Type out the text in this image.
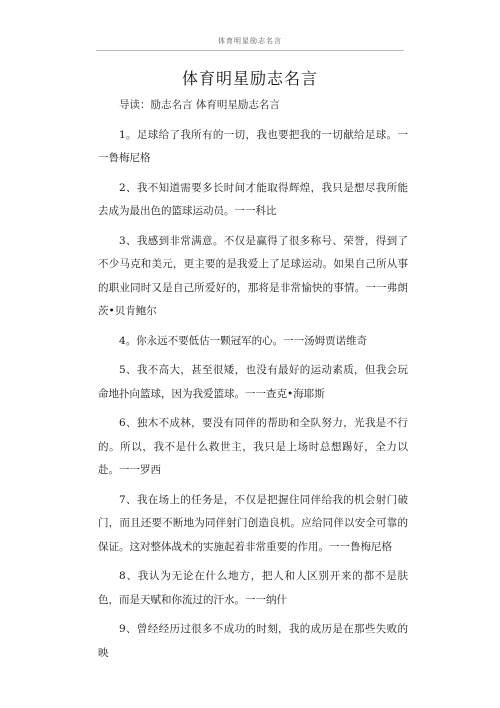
体育明星励志名言
体育明星励志名言

导读：励志名言 体育明星励志名言

1。足球给了我所有的一切，我也要把我的一切献给足球。一一鲁梅尼格

2、我不知道需要多长时间才能取得辉煌，我只是想尽我所能去成为最出色的篮球运动员。一一科比

3、我感到非常满意。不仅是赢得了很多称号、荣誉，得到了不少马克和美元，更主要的是我爱上了足球运动。如果自己所从事的职业同时又是自己所爱好的，那将是非常愉快的事情。一一弗朗茨•贝肯鲍尔

4。你永远不要低估一颗冠军的心。一一汤姆贾诺维奇

5、我不高大，甚至很矮，也没有最好的运动素质，但我会玩命地扑向篮球，因为我爱篮球。一一查克•海耶斯

6、独木不成林，要没有同伴的帮助和全队努力，光我是不行的。所以，我不是什么救世主，我只是上场时总想踢好，全力以赴。一一罗西

7、我在场上的任务是，不仅是把握住同伴给我的机会射门破门，而且还要不断地为同伴射门创造良机。应给同伴以安全可靠的保证。这对整体战术的实施起着非常重要的作用。一一鲁梅尼格

8、我认为无论在什么地方，把人和人区别开来的都不是肤色，而是天赋和你流过的汗水。一一纳什

9、曾经经历过很多不成功的时刻，我的成历是在那些失败的映
